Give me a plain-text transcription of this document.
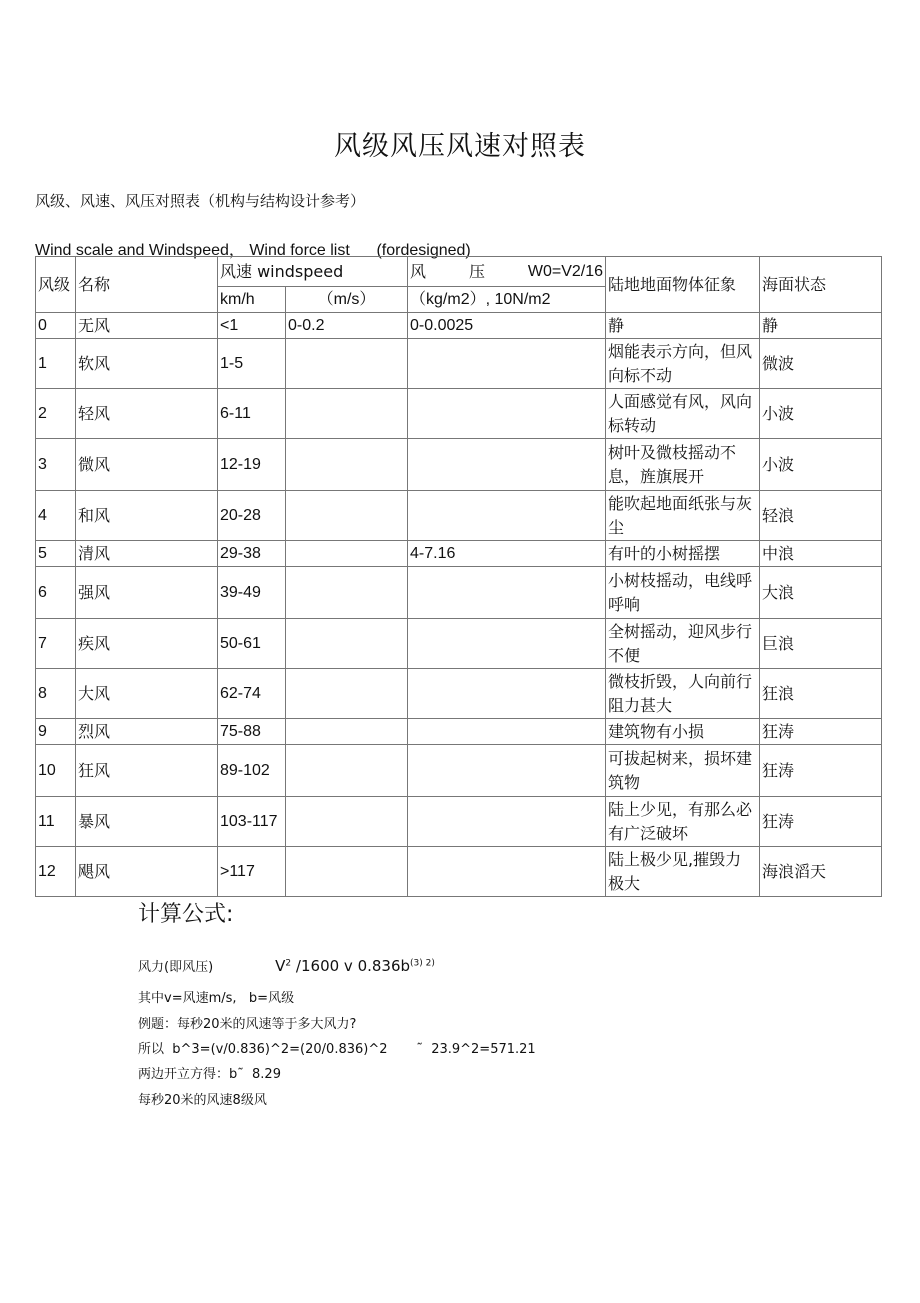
风级风压风速对照表
风级、风速、风压对照表（机构与结构设计参考）
Wind scale and Windspeed， Wind force list      (fordesigned)
风级	名称	风速 windspeed		风 压 W0=V2/16	陆地地面物体征象	海面状态
		km/h	（m/s）	（kg/m2）, 10N/m2		
0	无风	<1	0-0.2	0-0.0025	静	静
1	软风	1-5			烟能表示方向，但风向标不动	微波
2	轻风	6-11			人面感觉有风，风向标转动	小波
3	微风	12-19			树叶及微枝摇动不息，旌旗展开	小波
4	和风	20-28			能吹起地面纸张与灰尘	轻浪
5	清风	29-38		4-7.16	有叶的小树摇摆	中浪
6	强风	39-49			小树枝摇动，电线呼呼响	大浪
7	疾风	50-61			全树摇动，迎风步行不便	巨浪
8	大风	62-74			微枝折毁，人向前行阻力甚大	狂浪
9	烈风	75-88			建筑物有小损	狂涛
10	狂风	89-102			可拔起树来，损坏建筑物	狂涛
11	暴风	103-117			陆上少见，有那么必 有广泛破坏	狂涛
12	飓风	>117			陆上极少见,摧毁力极大	海浪滔天
计算公式:
风力(即风压)	$V^2$ /1600 v $0.836b^{(3) 2)}$
其中v=风速m/s,   b=风级
例题：每秒20米的风速等于多大风力?
所以  b^3=(v/0.836)^2=(20/0.836)^2       ˜  23.9^2=571.21
两边开立方得：b˜  8.29
每秒20米的风速8级风
